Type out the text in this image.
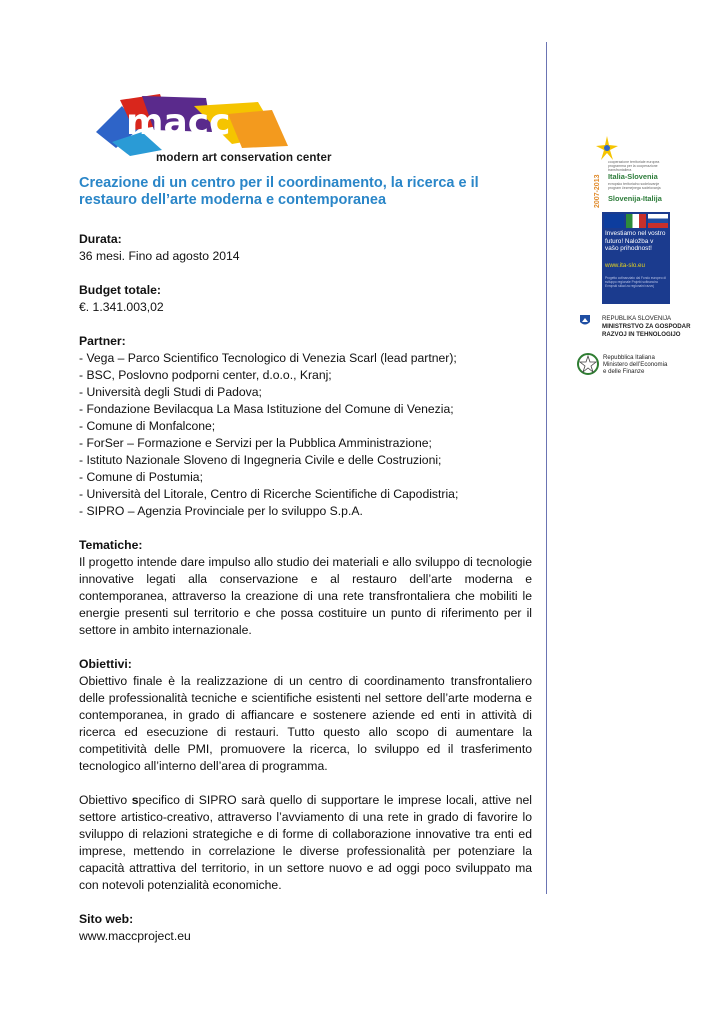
macc
modern art conservation center
Creazione di un centro per il coordinamento, la ricerca e il restauro dell’arte moderna e contemporanea

Durata:

36 mesi. Fino ad agosto 2014

Budget totale:

€. 1.341.003,02

Partner:

- Vega – Parco Scientifico Tecnologico di Venezia Scarl (lead partner);
- BSC, Poslovno podporni center, d.o.o., Kranj;
- Università degli Studi di Padova;
- Fondazione Bevilacqua La Masa Istituzione del Comune di Venezia;
- Comune di Monfalcone;
- ForSer – Formazione e Servizi per la Pubblica Amministrazione;
- Istituto Nazionale Sloveno di Ingegneria Civile e delle Costruzioni;
- Comune di Postumia;
- Università del Litorale, Centro di Ricerche Scientifiche di Capodistria;
- SIPRO – Agenzia Provinciale per lo sviluppo S.p.A.

Tematiche:

Il progetto intende dare impulso allo studio dei materiali e allo sviluppo di tecnologie innovative legati alla conservazione e al restauro dell’arte moderna e contemporanea, attraverso la creazione di una rete transfrontaliera che mobiliti le energie presenti sul territorio e che possa costituire un punto di riferimento per il settore in ambito internazionale.

Obiettivi:

Obiettivo finale è la realizzazione di un centro di coordinamento transfrontaliero delle professionalità tecniche e scientifiche esistenti nel settore dell’arte moderna e contemporanea, in grado di affiancare e sostenere aziende ed enti in attività di ricerca ed esecuzione di restauri. Tutto questo allo scopo di aumentare la competitività delle PMI, promuovere la ricerca, lo sviluppo ed il trasferimento tecnologico all’interno dell’area di programma.

Obiettivo specifico di SIPRO sarà quello di supportare le imprese locali, attive nel settore artistico-creativo, attraverso l’avviamento di una rete in grado di favorire lo sviluppo di relazioni strategiche e di forme di collaborazione innovative tra enti ed imprese, mettendo in correlazione le diverse professionalità per potenziare la capacità attrattiva del territorio, in un settore nuovo e ad oggi poco sviluppato ma con notevoli potenzialità economiche.

Sito web:

www.maccproject.eu

2007-2013
cooperazione territoriale europea programma per la cooperazione transfrontaliera
Italia-Slovenia
evropsko teritorialno sodelovanje program čezmejnega sodelovanja
Slovenija-Italija
Investiamo nel vostro futuro! Naložba v vašo prihodnost!
www.ita-slo.eu
Progetto cofinanziato dal Fondo europeo di sviluppo regionale Projekt sofinancira Evropski sklad za regionalni razvoj
REPUBLIKA SLOVENIJA
MINISTRSTVO ZA GOSPODAR
RAZVOJ IN TEHNOLOGIJO
Repubblica Italiana
Ministero dell’Economia
e delle Finanze
